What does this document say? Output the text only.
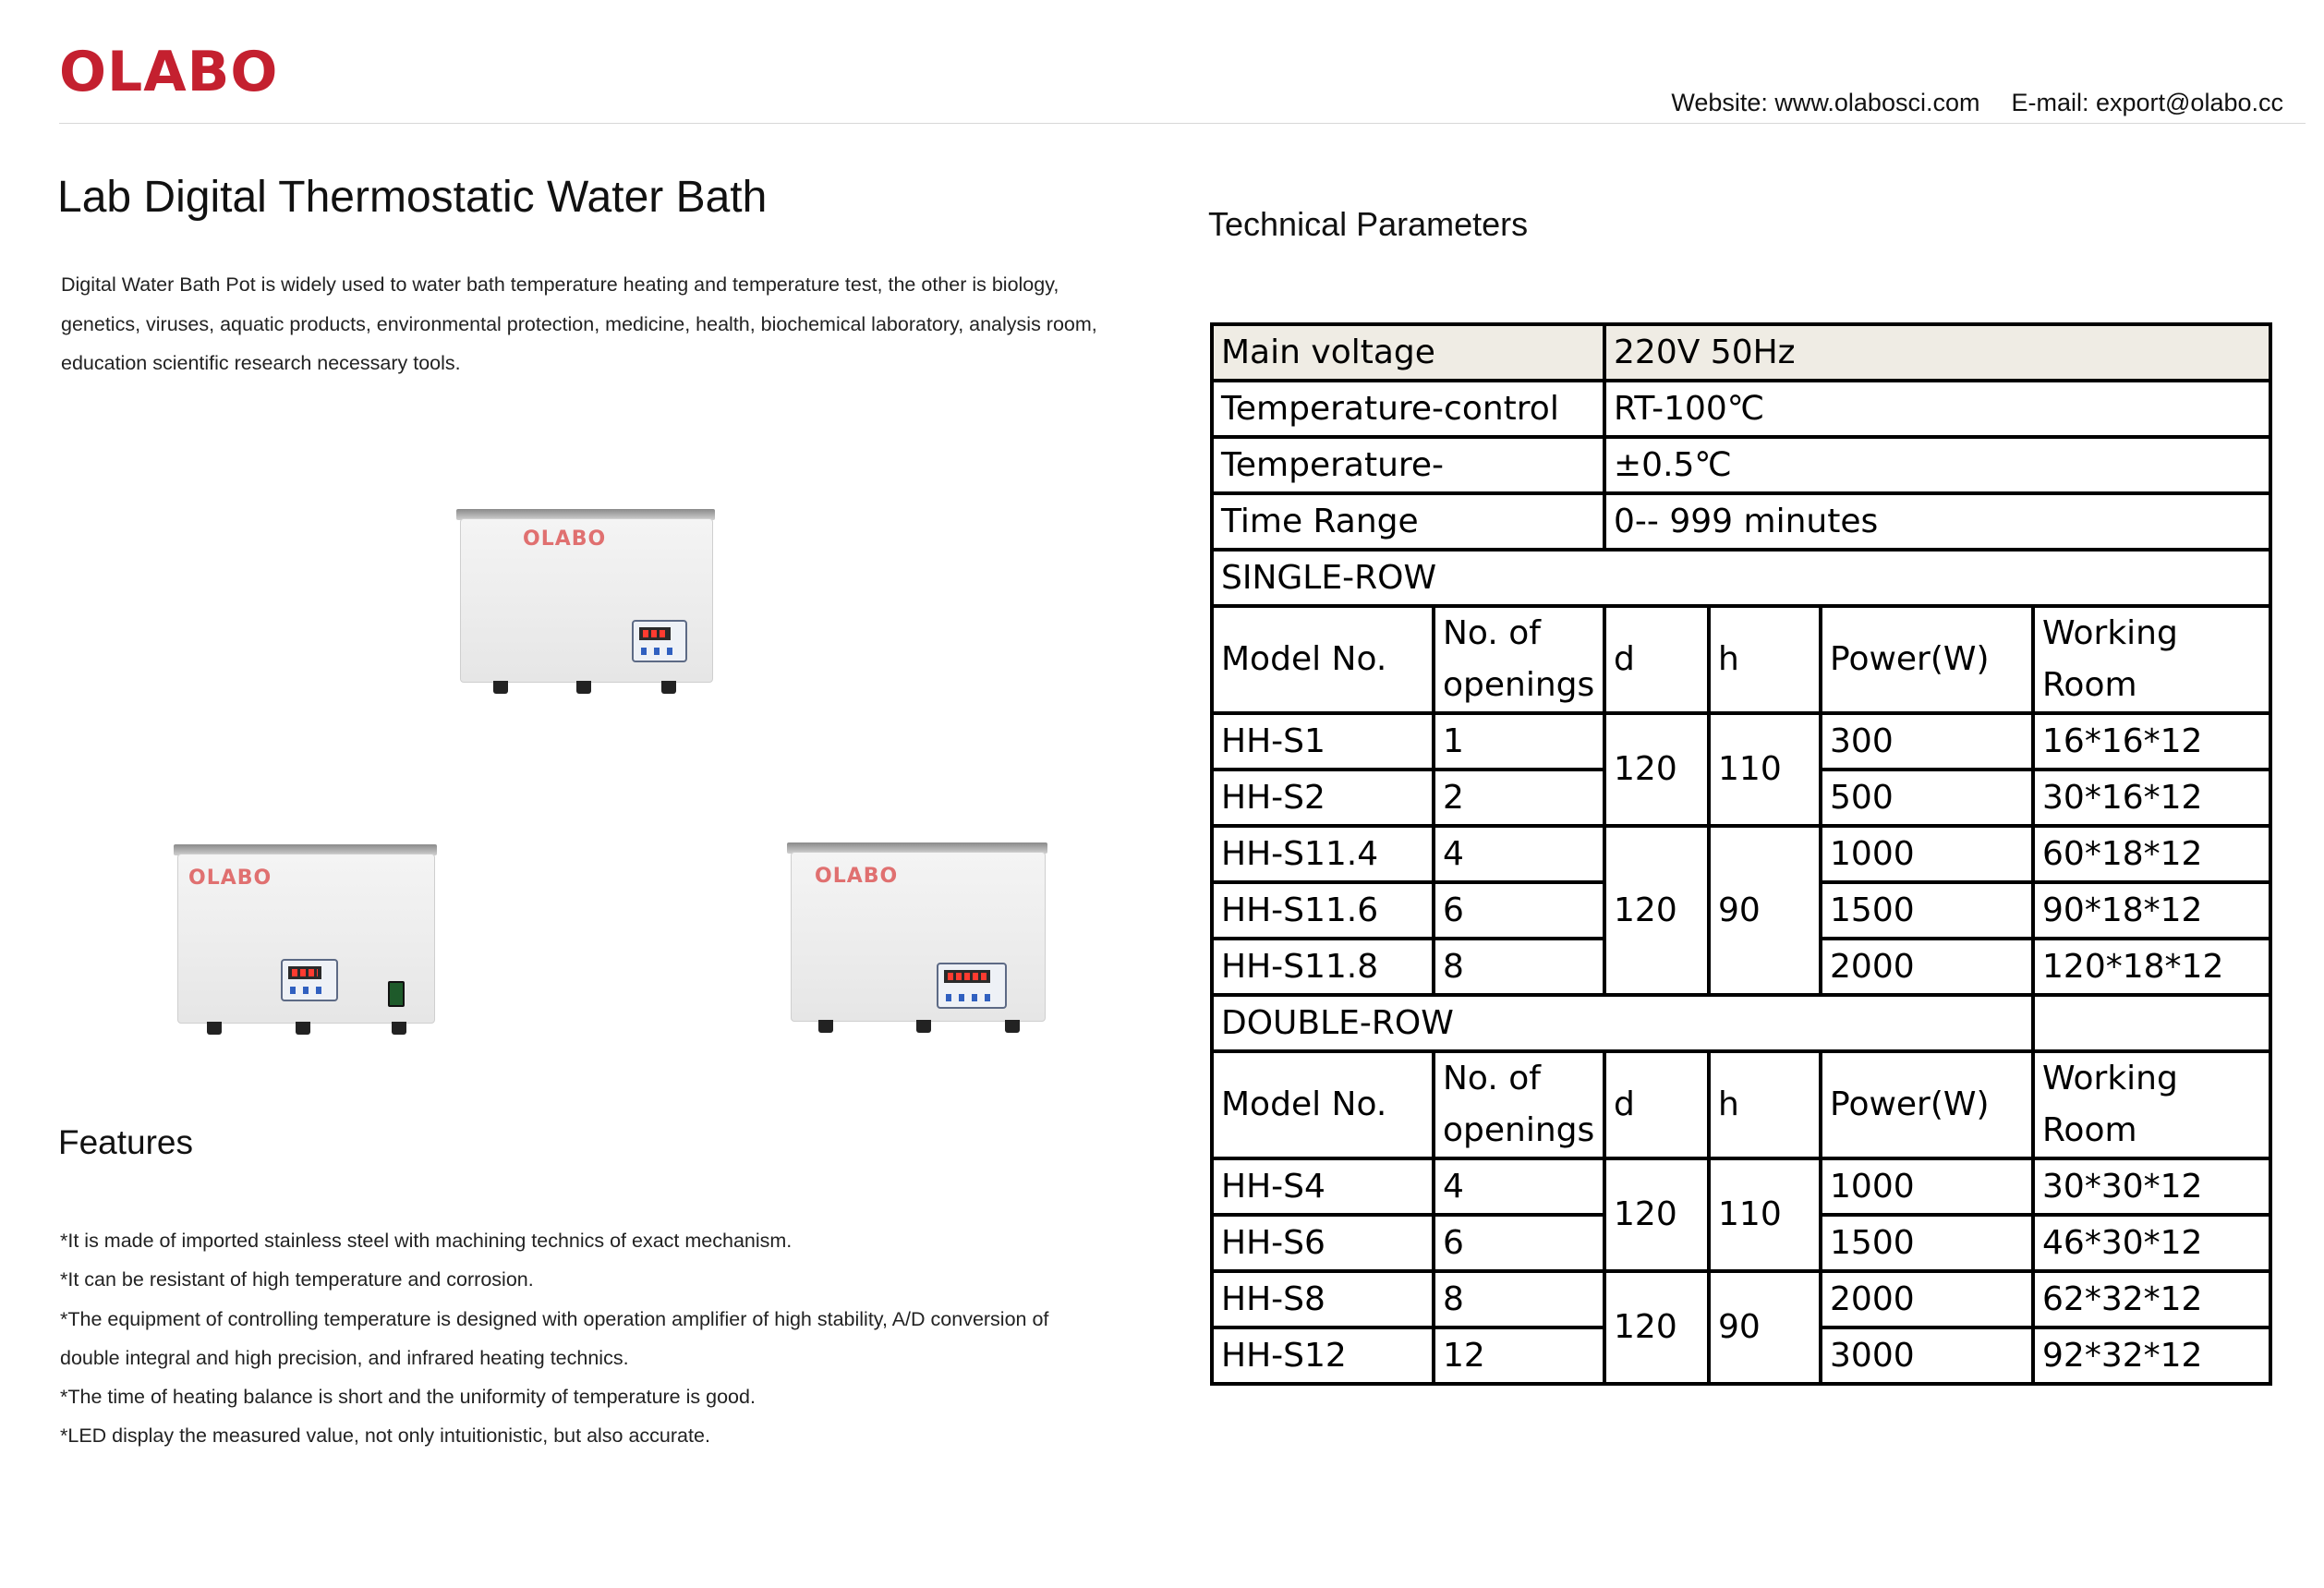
OLABO	Website: www.olabosci.com E-mail: export@olabo.cc
Lab Digital Thermostatic Water Bath

Digital Water Bath Pot is widely used to water bath temperature heating and temperature test, the other is biology,

genetics, viruses, aquatic products, environmental protection, medicine, health, biochemical laboratory, analysis room,

education scientific research necessary tools.

OLABO
OLABO	OLABO
Features
*It is made of imported stainless steel with machining technics of exact mechanism.
*It can be resistant of high temperature and corrosion.
*The equipment of controlling temperature is designed with operation amplifier of high stability, A/D conversion of
double integral and high precision, and infrared heating technics.
*The time of heating balance is short and the uniformity of temperature is good.
*LED display the measured value, not only intuitionistic, but also accurate.
Technical Parameters
Main voltage		220V 50Hz			
Temperature-control		RT-100℃			
Temperature-		±0.5℃			
Time Range		0-- 999 minutes			
SINGLE-ROW					
Model No.	No. of openings	d	h	Power(W)	Working Room
HH-S1	1	120	110	300	16*16*12
HH-S2	2			500	30*16*12
HH-S11.4	4	120	90	1000	60*18*12
HH-S11.6	6			1500	90*18*12
HH-S11.8	8			2000	120*18*12
DOUBLE-ROW					
Model No.	No. of openings	d	h	Power(W)	Working Room
HH-S4	4	120	110	1000	30*30*12
HH-S6	6			1500	46*30*12
HH-S8	8	120	90	2000	62*32*12
HH-S12	12			3000	92*32*12
